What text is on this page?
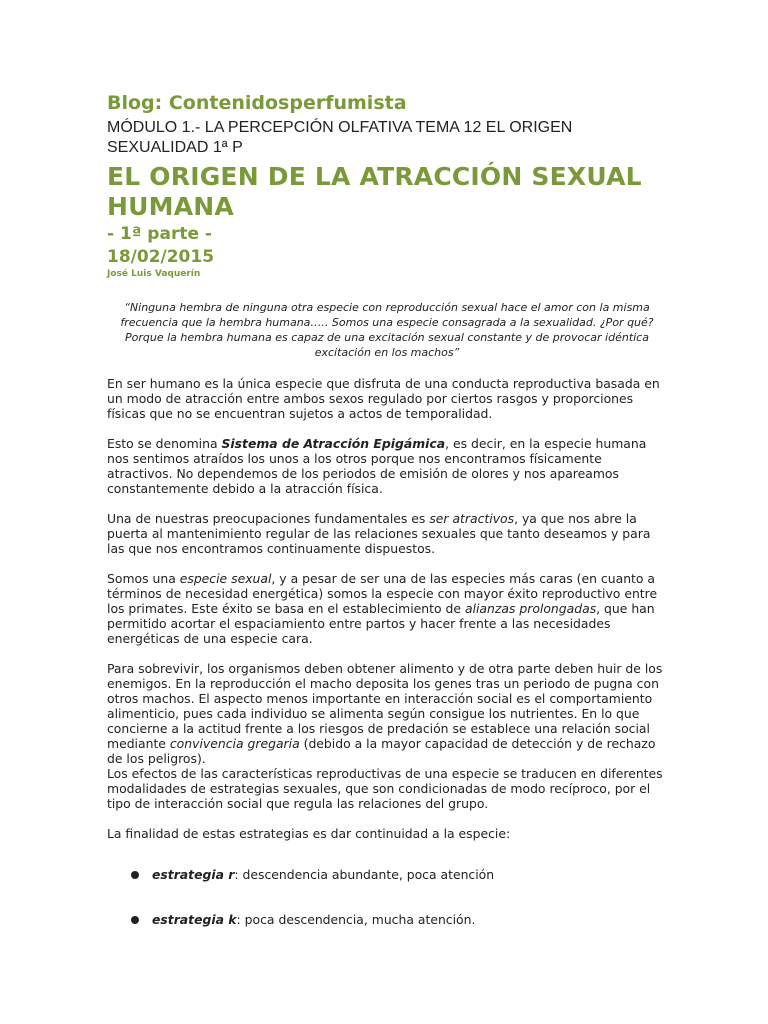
Blog: Contenidosperfumista
MÓDULO 1.- LA PERCEPCIÓN OLFATIVA TEMA 12 EL ORIGEN SEXUALIDAD 1ª P
EL ORIGEN DE LA ATRACCIÓN SEXUAL HUMANA
- 1ª parte -
18/02/2015
José Luis Vaquerín
“Ninguna hembra de ninguna otra especie con reproducción sexual hace el amor con la misma frecuencia que la hembra humana….. Somos una especie consagrada a la sexualidad. ¿Por qué? Porque la hembra humana es capaz de una excitación sexual constante y de provocar idéntica excitación en los machos”

En ser humano es la única especie que disfruta de una conducta reproductiva basada en un modo de atracción entre ambos sexos regulado por ciertos rasgos y proporciones físicas que no se encuentran sujetos a actos de temporalidad.

Esto se denomina Sistema de Atracción Epigámica, es decir, en la especie humana nos sentimos atraídos los unos a los otros porque nos encontramos físicamente atractivos. No dependemos de los periodos de emisión de olores y nos apareamos constantemente debido a la atracción física.

Una de nuestras preocupaciones fundamentales es ser atractivos, ya que nos abre la puerta al mantenimiento regular de las relaciones sexuales que tanto deseamos y para las que nos encontramos continuamente dispuestos.

Somos una especie sexual, y a pesar de ser una de las especies más caras (en cuanto a términos de necesidad energética) somos la especie con mayor éxito reproductivo entre los primates. Este éxito se basa en el establecimiento de alianzas prolongadas, que han permitido acortar el espaciamiento entre partos y hacer frente a las necesidades energéticas de una especie cara.

Para sobrevivir, los organismos deben obtener alimento y de otra parte deben huir de los enemigos. En la reproducción el macho deposita los genes tras un periodo de pugna con otros machos. El aspecto menos importante en interacción social es el comportamiento alimenticio, pues cada individuo se alimenta según consigue los nutrientes. En lo que concierne a la actitud frente a los riesgos de predación se establece una relación social mediante convivencia gregaria (debido a la mayor capacidad de detección y de rechazo de los peligros).

Los efectos de las características reproductivas de una especie se traducen en diferentes modalidades de estrategias sexuales, que son condicionadas de modo recíproco, por el tipo de interacción social que regula las relaciones del grupo.

La finalidad de estas estrategias es dar continuidad a la especie:

estrategia r: descendencia abundante, poca atención
estrategia k: poca descendencia, mucha atención.
